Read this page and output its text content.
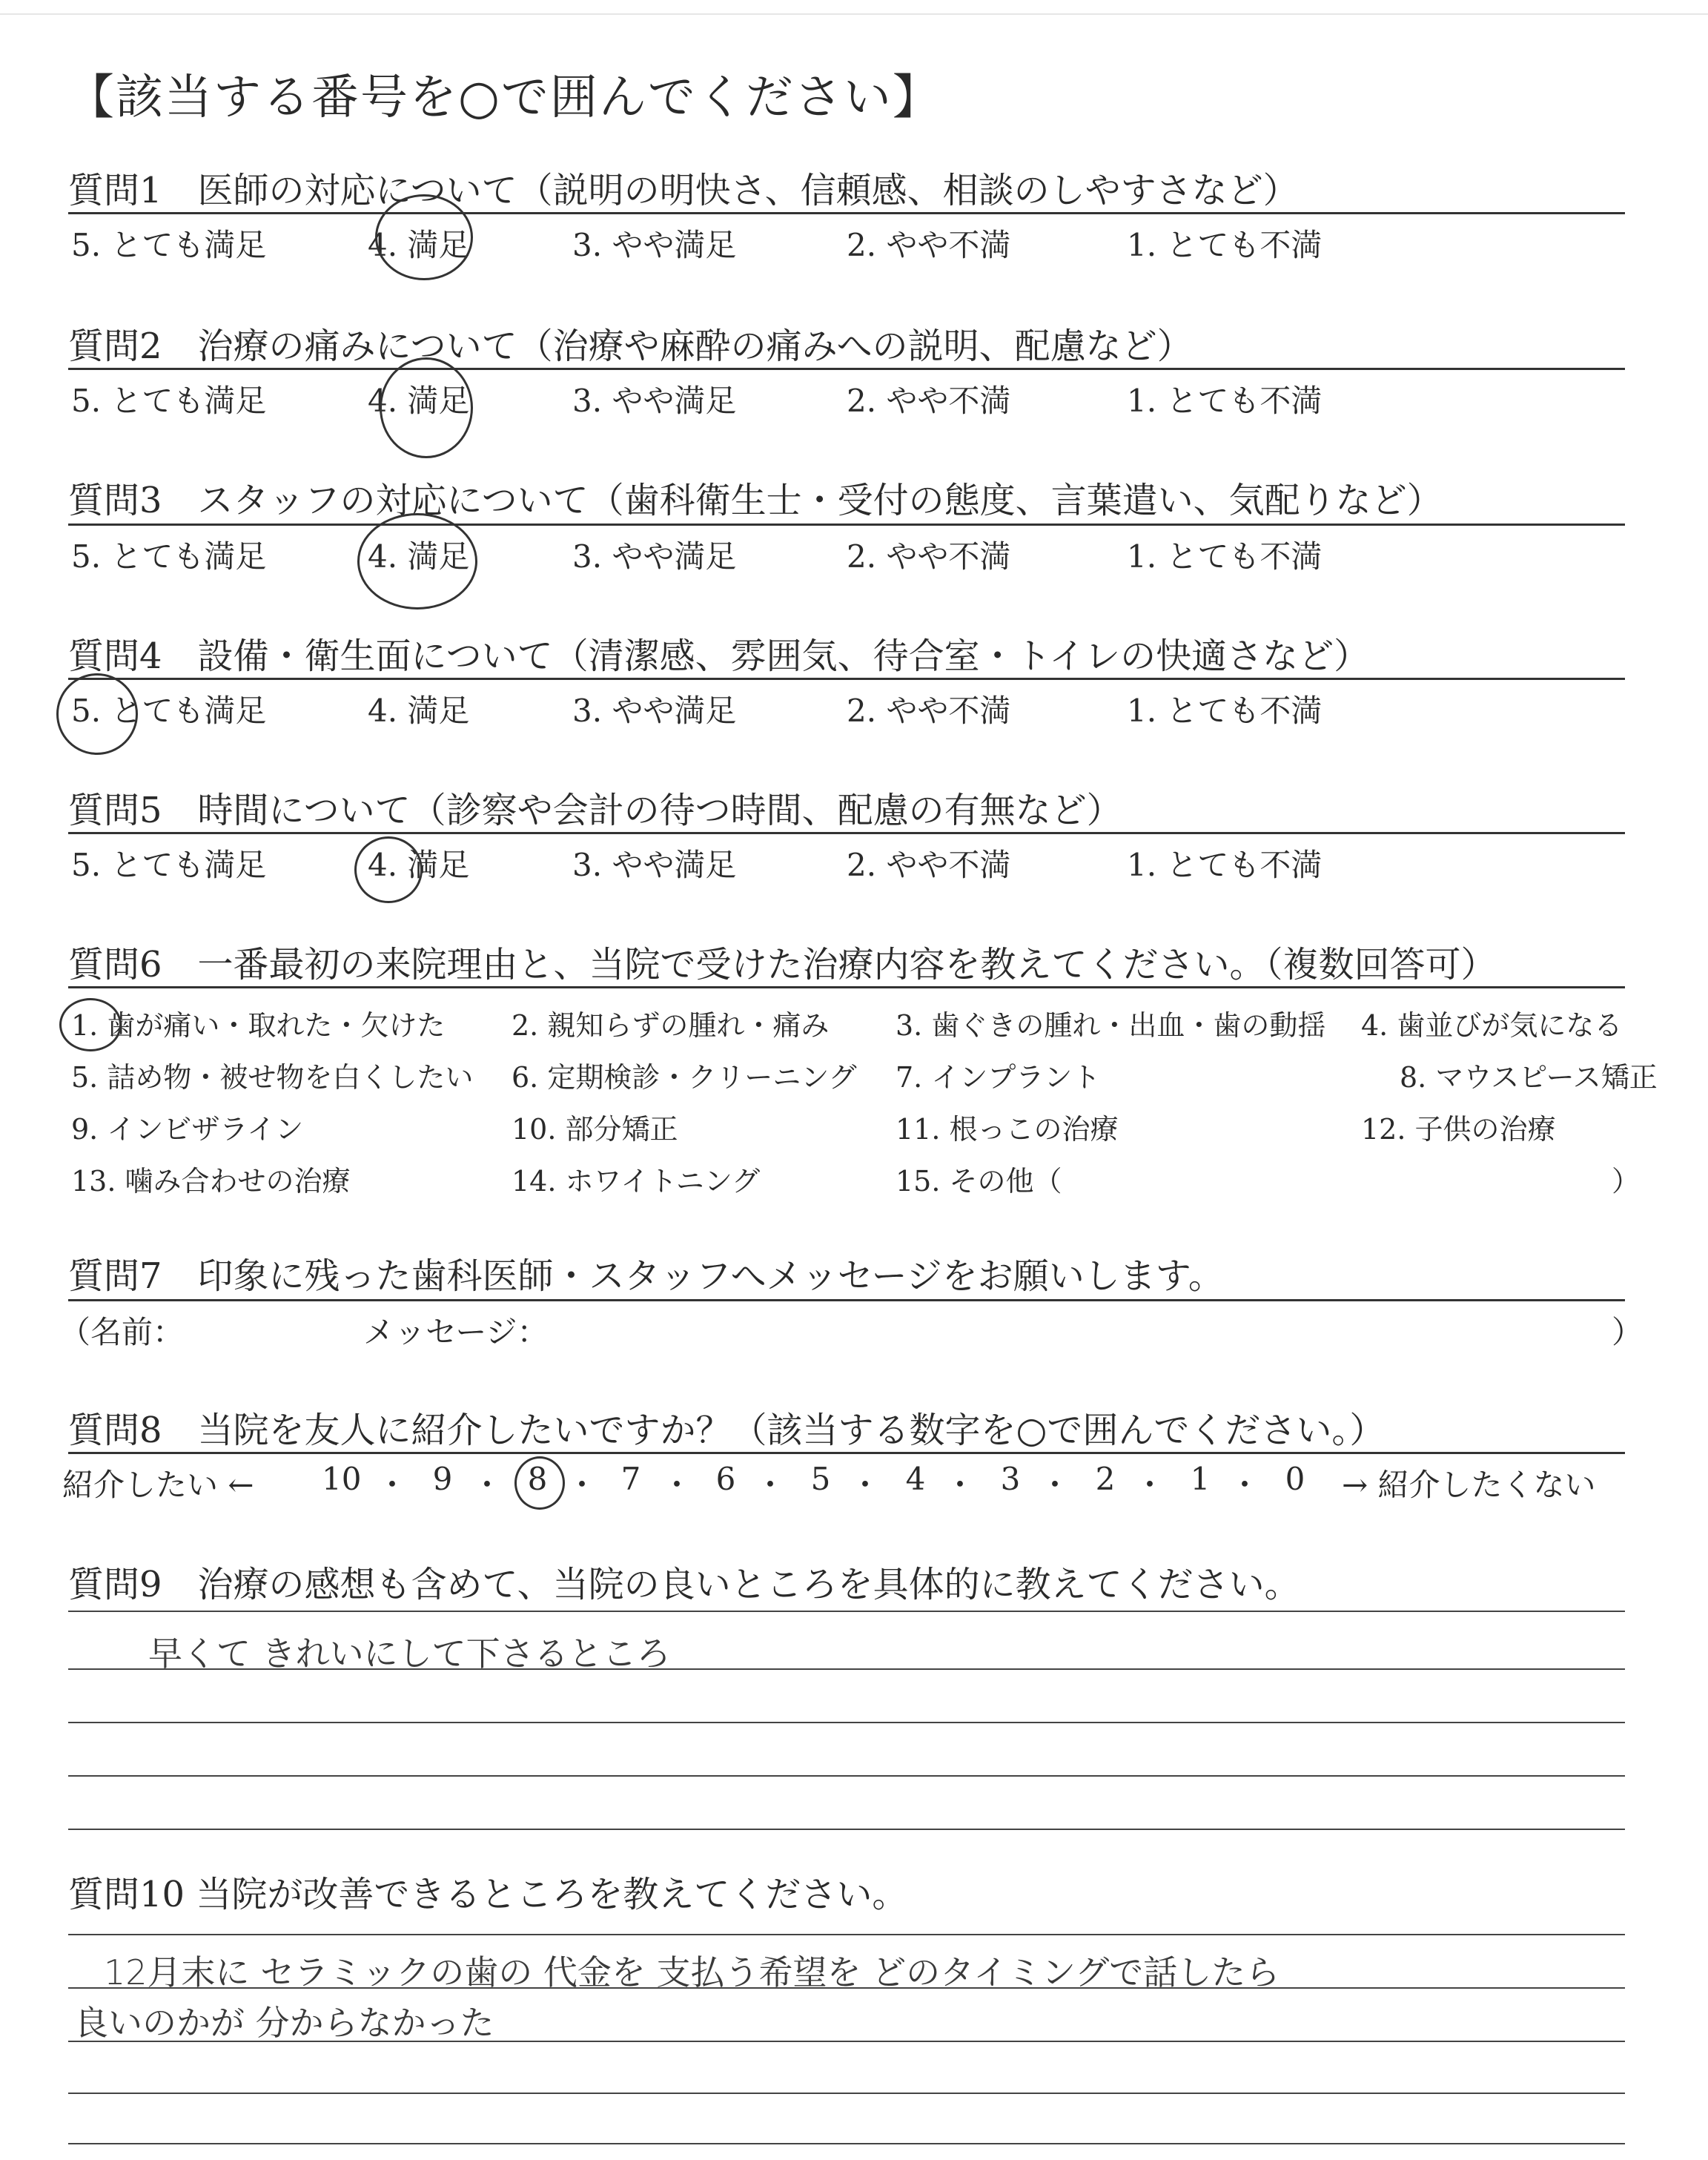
【該当する番号を○で囲んでください】
質問1　医師の対応について（説明の明快さ、信頼感、相談のしやすさなど）
5. とても満足	4. 満足	3. やや満足	2. やや不満	1. とても不満
質問2　治療の痛みについて（治療や麻酔の痛みへの説明、配慮など）
5. とても満足	4. 満足	3. やや満足	2. やや不満	1. とても不満
質問3　スタッフの対応について（歯科衛生士・受付の態度、言葉遣い、気配りなど）
5. とても満足	4. 満足	3. やや満足	2. やや不満	1. とても不満
質問4　設備・衛生面について（清潔感、雰囲気、待合室・トイレの快適さなど）
5. とても満足	4. 満足	3. やや満足	2. やや不満	1. とても不満
質問5　時間について（診察や会計の待つ時間、配慮の有無など）
5. とても満足	4. 満足	3. やや満足	2. やや不満	1. とても不満
質問6　一番最初の来院理由と、当院で受けた治療内容を教えてください。（複数回答可）
1. 歯が痛い・取れた・欠けた 2. 親知らずの腫れ・痛み 3. 歯ぐきの腫れ・出血・歯の動揺 4. 歯並びが気になる
5. 詰め物・被せ物を白くしたい 6. 定期検診・クリーニング 7. インプラント	8. マウスピース矯正
9. インビザライン	10. 部分矯正	11. 根っこの治療	12. 子供の治療
13. 噛み合わせの治療	14. ホワイトニング	15. その他（	）
質問7　印象に残った歯科医師・スタッフへメッセージをお願いします。
（名前：	メッセージ：	）
質問8　当院を友人に紹介したいですか？（該当する数字を○で囲んでください。）
紹介したい ← 10 ・ 9 ・ 8 ・ 7 ・ 6 ・ 5 ・ 4 ・ 3 ・ 2 ・ 1 ・ 0 → 紹介したくない
質問9　治療の感想も含めて、当院の良いところを具体的に教えてください。
早くて きれいにして下さるところ
質問10 当院が改善できるところを教えてください。
12月末に セラミックの歯の 代金を 支払う希望を どのタイミングで話したら
良いのかが 分からなかった
